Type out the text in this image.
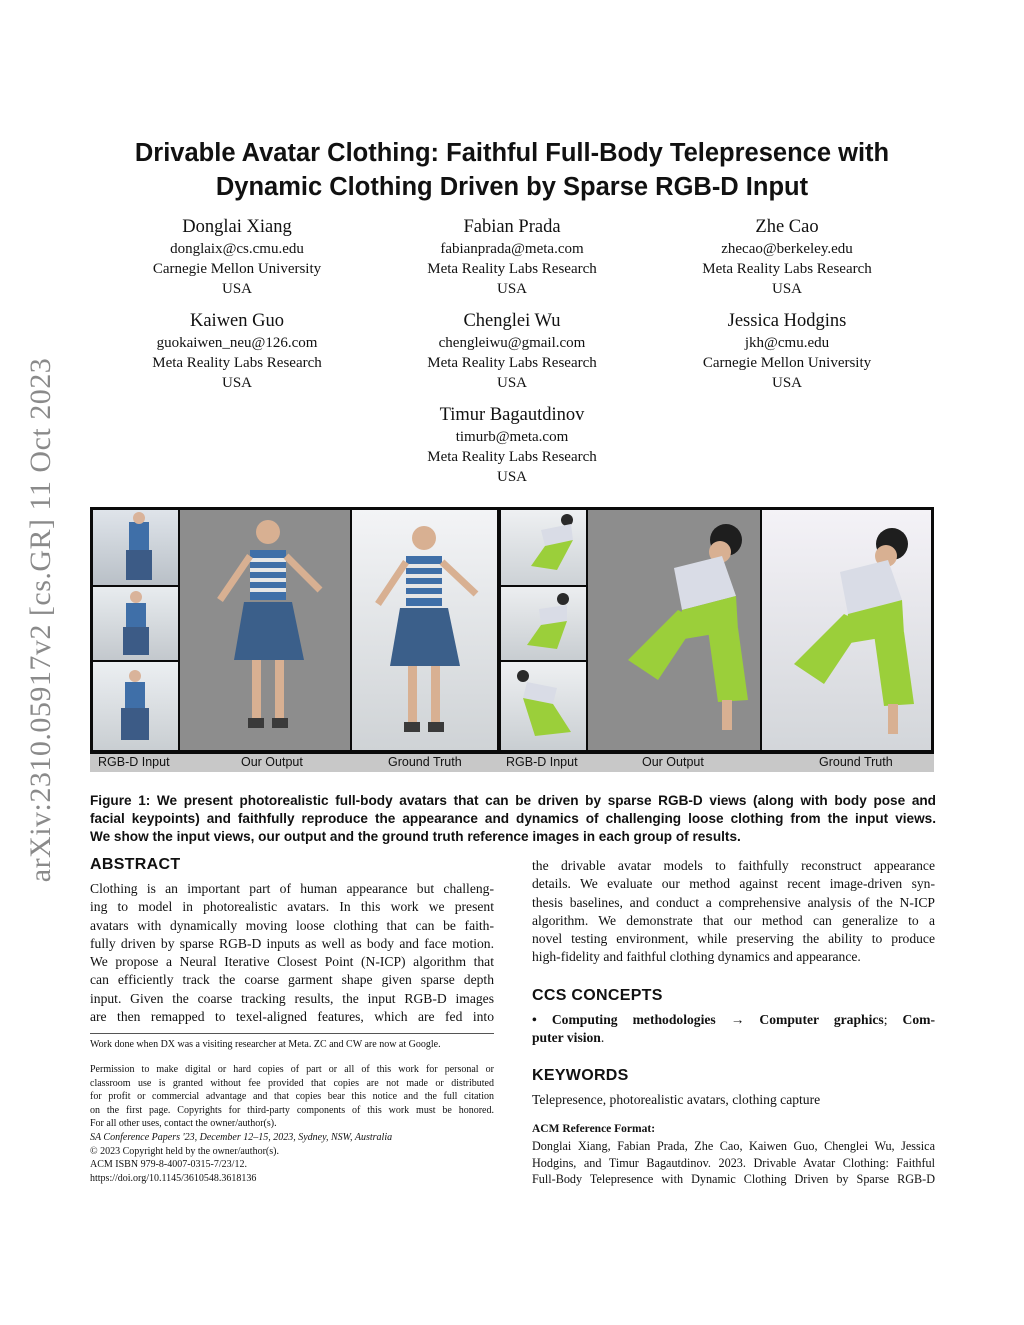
arXiv:2310.05917v2 [cs.GR] 11 Oct 2023
Drivable Avatar Clothing: Faithful Full-Body Telepresence with
Dynamic Clothing Driven by Sparse RGB-D Input
Donglai Xiang
donglaix@cs.cmu.edu
Carnegie Mellon University
USA
Fabian Prada
fabianprada@meta.com
Meta Reality Labs Research
USA
Zhe Cao
zhecao@berkeley.edu
Meta Reality Labs Research
USA
Kaiwen Guo
guokaiwen_neu@126.com
Meta Reality Labs Research
USA
Chenglei Wu
chengleiwu@gmail.com
Meta Reality Labs Research
USA
Jessica Hodgins
jkh@cmu.edu
Carnegie Mellon University
USA
Timur Bagautdinov
timurb@meta.com
Meta Reality Labs Research
USA
RGB-D Input	Our Output	Ground Truth	RGB-D Input	Our Output	Ground Truth
Figure 1: We present photorealistic full-body avatars that can be driven by sparse RGB-D views (along with body pose and
facial keypoints) and faithfully reproduce the appearance and dynamics of challenging loose clothing from the input views.
We show the input views, our output and the ground truth reference images in each group of results.
ABSTRACT
Clothing is an important part of human appearance but challeng-
ing to model in photorealistic avatars. In this work we present
avatars with dynamically moving loose clothing that can be faith-
fully driven by sparse RGB-D inputs as well as body and face motion.
We propose a Neural Iterative Closest Point (N-ICP) algorithm that
can efficiently track the coarse garment shape given sparse depth
input. Given the coarse tracking results, the input RGB-D images
are then remapped to texel-aligned features, which are fed into
Work done when DX was a visiting researcher at Meta. ZC and CW are now at Google.
Permission to make digital or hard copies of part or all of this work for personal or
classroom use is granted without fee provided that copies are not made or distributed
for profit or commercial advantage and that copies bear this notice and the full citation
on the first page. Copyrights for third-party components of this work must be honored.
For all other uses, contact the owner/author(s).
SA Conference Papers '23, December 12–15, 2023, Sydney, NSW, Australia
© 2023 Copyright held by the owner/author(s).
ACM ISBN 979-8-4007-0315-7/23/12.
https://doi.org/10.1145/3610548.3618136
the drivable avatar models to faithfully reconstruct appearance
details. We evaluate our method against recent image-driven syn-
thesis baselines, and conduct a comprehensive analysis of the N-ICP
algorithm. We demonstrate that our method can generalize to a
novel testing environment, while preserving the ability to produce
high-fidelity and faithful clothing dynamics and appearance.
CCS CONCEPTS
• Computing methodologies → Computer graphics; Com-
puter vision.
KEYWORDS
Telepresence, photorealistic avatars, clothing capture
ACM Reference Format:
Donglai Xiang, Fabian Prada, Zhe Cao, Kaiwen Guo, Chenglei Wu, Jessica
Hodgins, and Timur Bagautdinov. 2023. Drivable Avatar Clothing: Faithful
Full-Body Telepresence with Dynamic Clothing Driven by Sparse RGB-D
